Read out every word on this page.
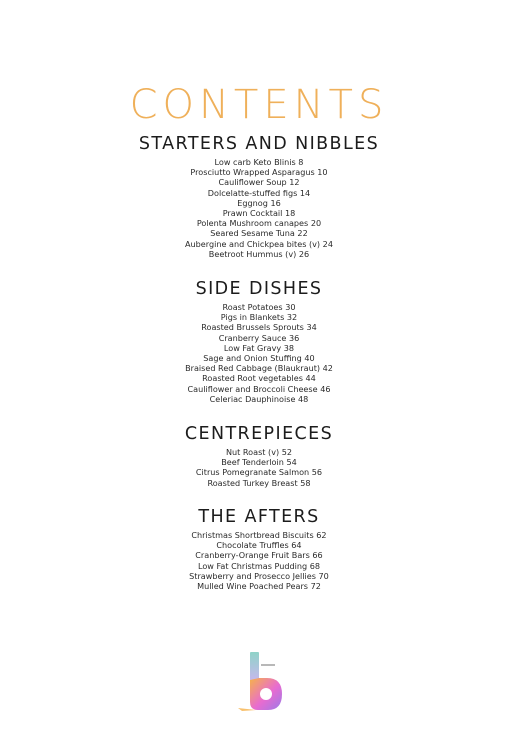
CONTENTS
STARTERS AND NIBBLES
Low carb Keto Blinis 8
Prosciutto Wrapped Asparagus 10
Cauliflower Soup 12
Dolcelatte-stuffed figs 14
Eggnog 16
Prawn Cocktail 18
Polenta Mushroom canapes 20
Seared Sesame Tuna 22
Aubergine and Chickpea bites (v) 24
Beetroot Hummus (v) 26
SIDE DISHES
Roast Potatoes 30
Pigs in Blankets 32
Roasted Brussels Sprouts 34
Cranberry Sauce 36
Low Fat Gravy 38
Sage and Onion Stuffing 40
Braised Red Cabbage (Blaukraut) 42
Roasted Root vegetables 44
Cauliflower and Broccoli Cheese 46
Celeriac Dauphinoise 48
CENTREPIECES
Nut Roast (v) 52
Beef Tenderloin 54
Citrus Pomegranate Salmon 56
Roasted Turkey Breast 58
THE AFTERS
Christmas Shortbread Biscuits 62
Chocolate Truffles 64
Cranberry-Orange Fruit Bars 66
Low Fat Christmas Pudding 68
Strawberry and Prosecco Jellies 70
Mulled Wine Poached Pears 72
